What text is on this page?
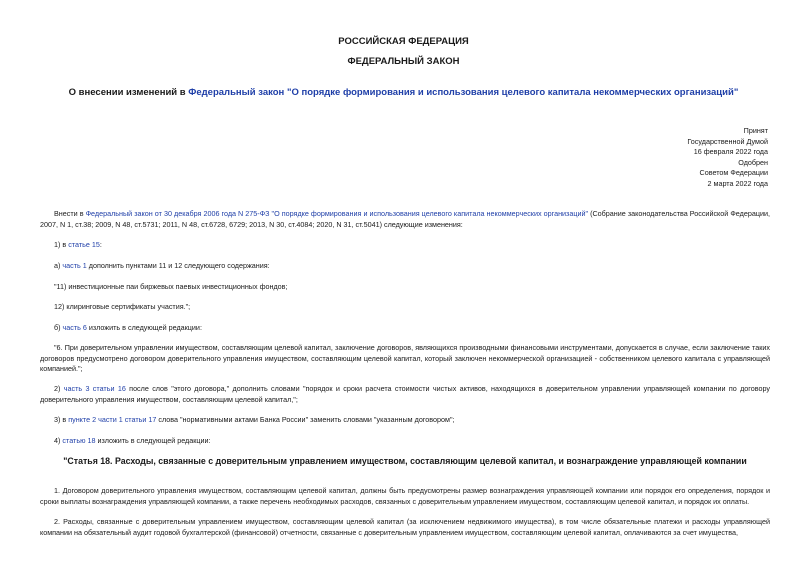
РОССИЙСКАЯ ФЕДЕРАЦИЯ
ФЕДЕРАЛЬНЫЙ ЗАКОН
О внесении изменений в Федеральный закон "О порядке формирования и использования целевого капитала некоммерческих организаций"
Принят
Государственной Думой
16 февраля 2022 года
Одобрен
Советом Федерации
2 марта 2022 года
Внести в Федеральный закон от 30 декабря 2006 года N 275-ФЗ "О порядке формирования и использования целевого капитала некоммерческих организаций" (Собрание законодательства Российской Федерации, 2007, N 1, ст.38; 2009, N 48, ст.5731; 2011, N 48, ст.6728, 6729; 2013, N 30, ст.4084; 2020, N 31, ст.5041) следующие изменения:
1) в статье 15:
а) часть 1 дополнить пунктами 11 и 12 следующего содержания:
"11) инвестиционные паи биржевых паевых инвестиционных фондов;
12) клиринговые сертификаты участия.";
б) часть 6 изложить в следующей редакции:
"6. При доверительном управлении имуществом, составляющим целевой капитал, заключение договоров, являющихся производными финансовыми инструментами, допускается в случае, если заключение таких договоров предусмотрено договором доверительного управления имуществом, составляющим целевой капитал, который заключен некоммерческой организацией - собственником целевого капитала с управляющей компанией.";
2) часть 3 статьи 16 после слов "этого договора," дополнить словами "порядок и сроки расчета стоимости чистых активов, находящихся в доверительном управлении управляющей компании по договору доверительного управления имуществом, составляющим целевой капитал,";
3) в пункте 2 части 1 статьи 17 слова "нормативными актами Банка России" заменить словами "указанным договором";
4) статью 18 изложить в следующей редакции:
"Статья 18. Расходы, связанные с доверительным управлением имуществом, составляющим целевой капитал, и вознаграждение управляющей компании
1. Договором доверительного управления имуществом, составляющим целевой капитал, должны быть предусмотрены размер вознаграждения управляющей компании или порядок его определения, порядок и сроки выплаты вознаграждения управляющей компании, а также перечень необходимых расходов, связанных с доверительным управлением имуществом, составляющим целевой капитал, и порядок их оплаты.
2. Расходы, связанные с доверительным управлением имуществом, составляющим целевой капитал (за исключением недвижимого имущества), в том числе обязательные платежи и расходы управляющей компании на обязательный аудит годовой бухгалтерской (финансовой) отчетности, связанные с доверительным управлением имуществом, составляющим целевой капитал, оплачиваются за счет имущества,
